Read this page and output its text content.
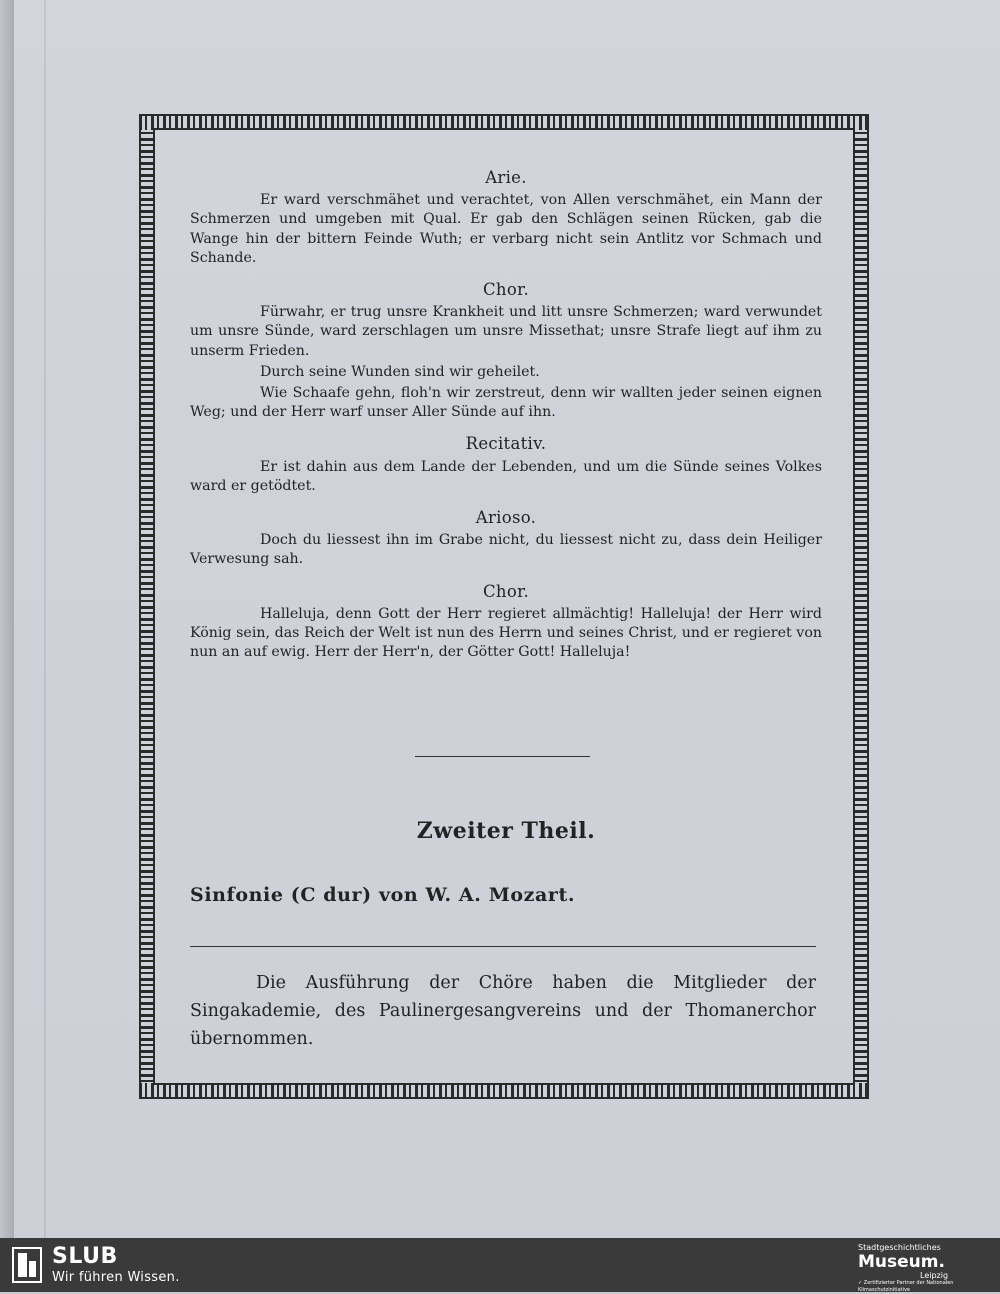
Arie.

Er ward verschmähet und verachtet, von Allen verschmähet, ein Mann der Schmerzen und umgeben mit Qual. Er gab den Schlägen seinen Rücken, gab die Wange hin der bittern Feinde Wuth; er verbarg nicht sein Antlitz vor Schmach und Schande.

Chor.

Fürwahr, er trug unsre Krankheit und litt unsre Schmerzen; ward verwundet um unsre Sünde, ward zerschlagen um unsre Missethat; unsre Strafe liegt auf ihm zu unserm Frieden.

Durch seine Wunden sind wir geheilet.

Wie Schaafe gehn, floh'n wir zerstreut, denn wir wallten jeder seinen eignen Weg; und der Herr warf unser Aller Sünde auf ihn.

Recitativ.

Er ist dahin aus dem Lande der Lebenden, und um die Sünde seines Volkes ward er getödtet.

Arioso.

Doch du liessest ihn im Grabe nicht, du liessest nicht zu, dass dein Heiliger Verwesung sah.

Chor.

Halleluja, denn Gott der Herr regieret allmächtig! Halleluja! der Herr wird König sein, das Reich der Welt ist nun des Herrn und seines Christ, und er regieret von nun an auf ewig. Herr der Herr'n, der Götter Gott! Halleluja!

Zweiter Theil.
Sinfonie (C dur) von W. A. Mozart.
Die Ausführung der Chöre haben die Mitglieder der Singakademie, des Paulinergesangvereins und der Thomanerchor übernommen.
SLUB
Wir führen Wissen.
Stadtgeschichtliches
Museum.
Leipzig
✓ Zertifizierter Partner der Nationalen Klimaschutzinitiative
